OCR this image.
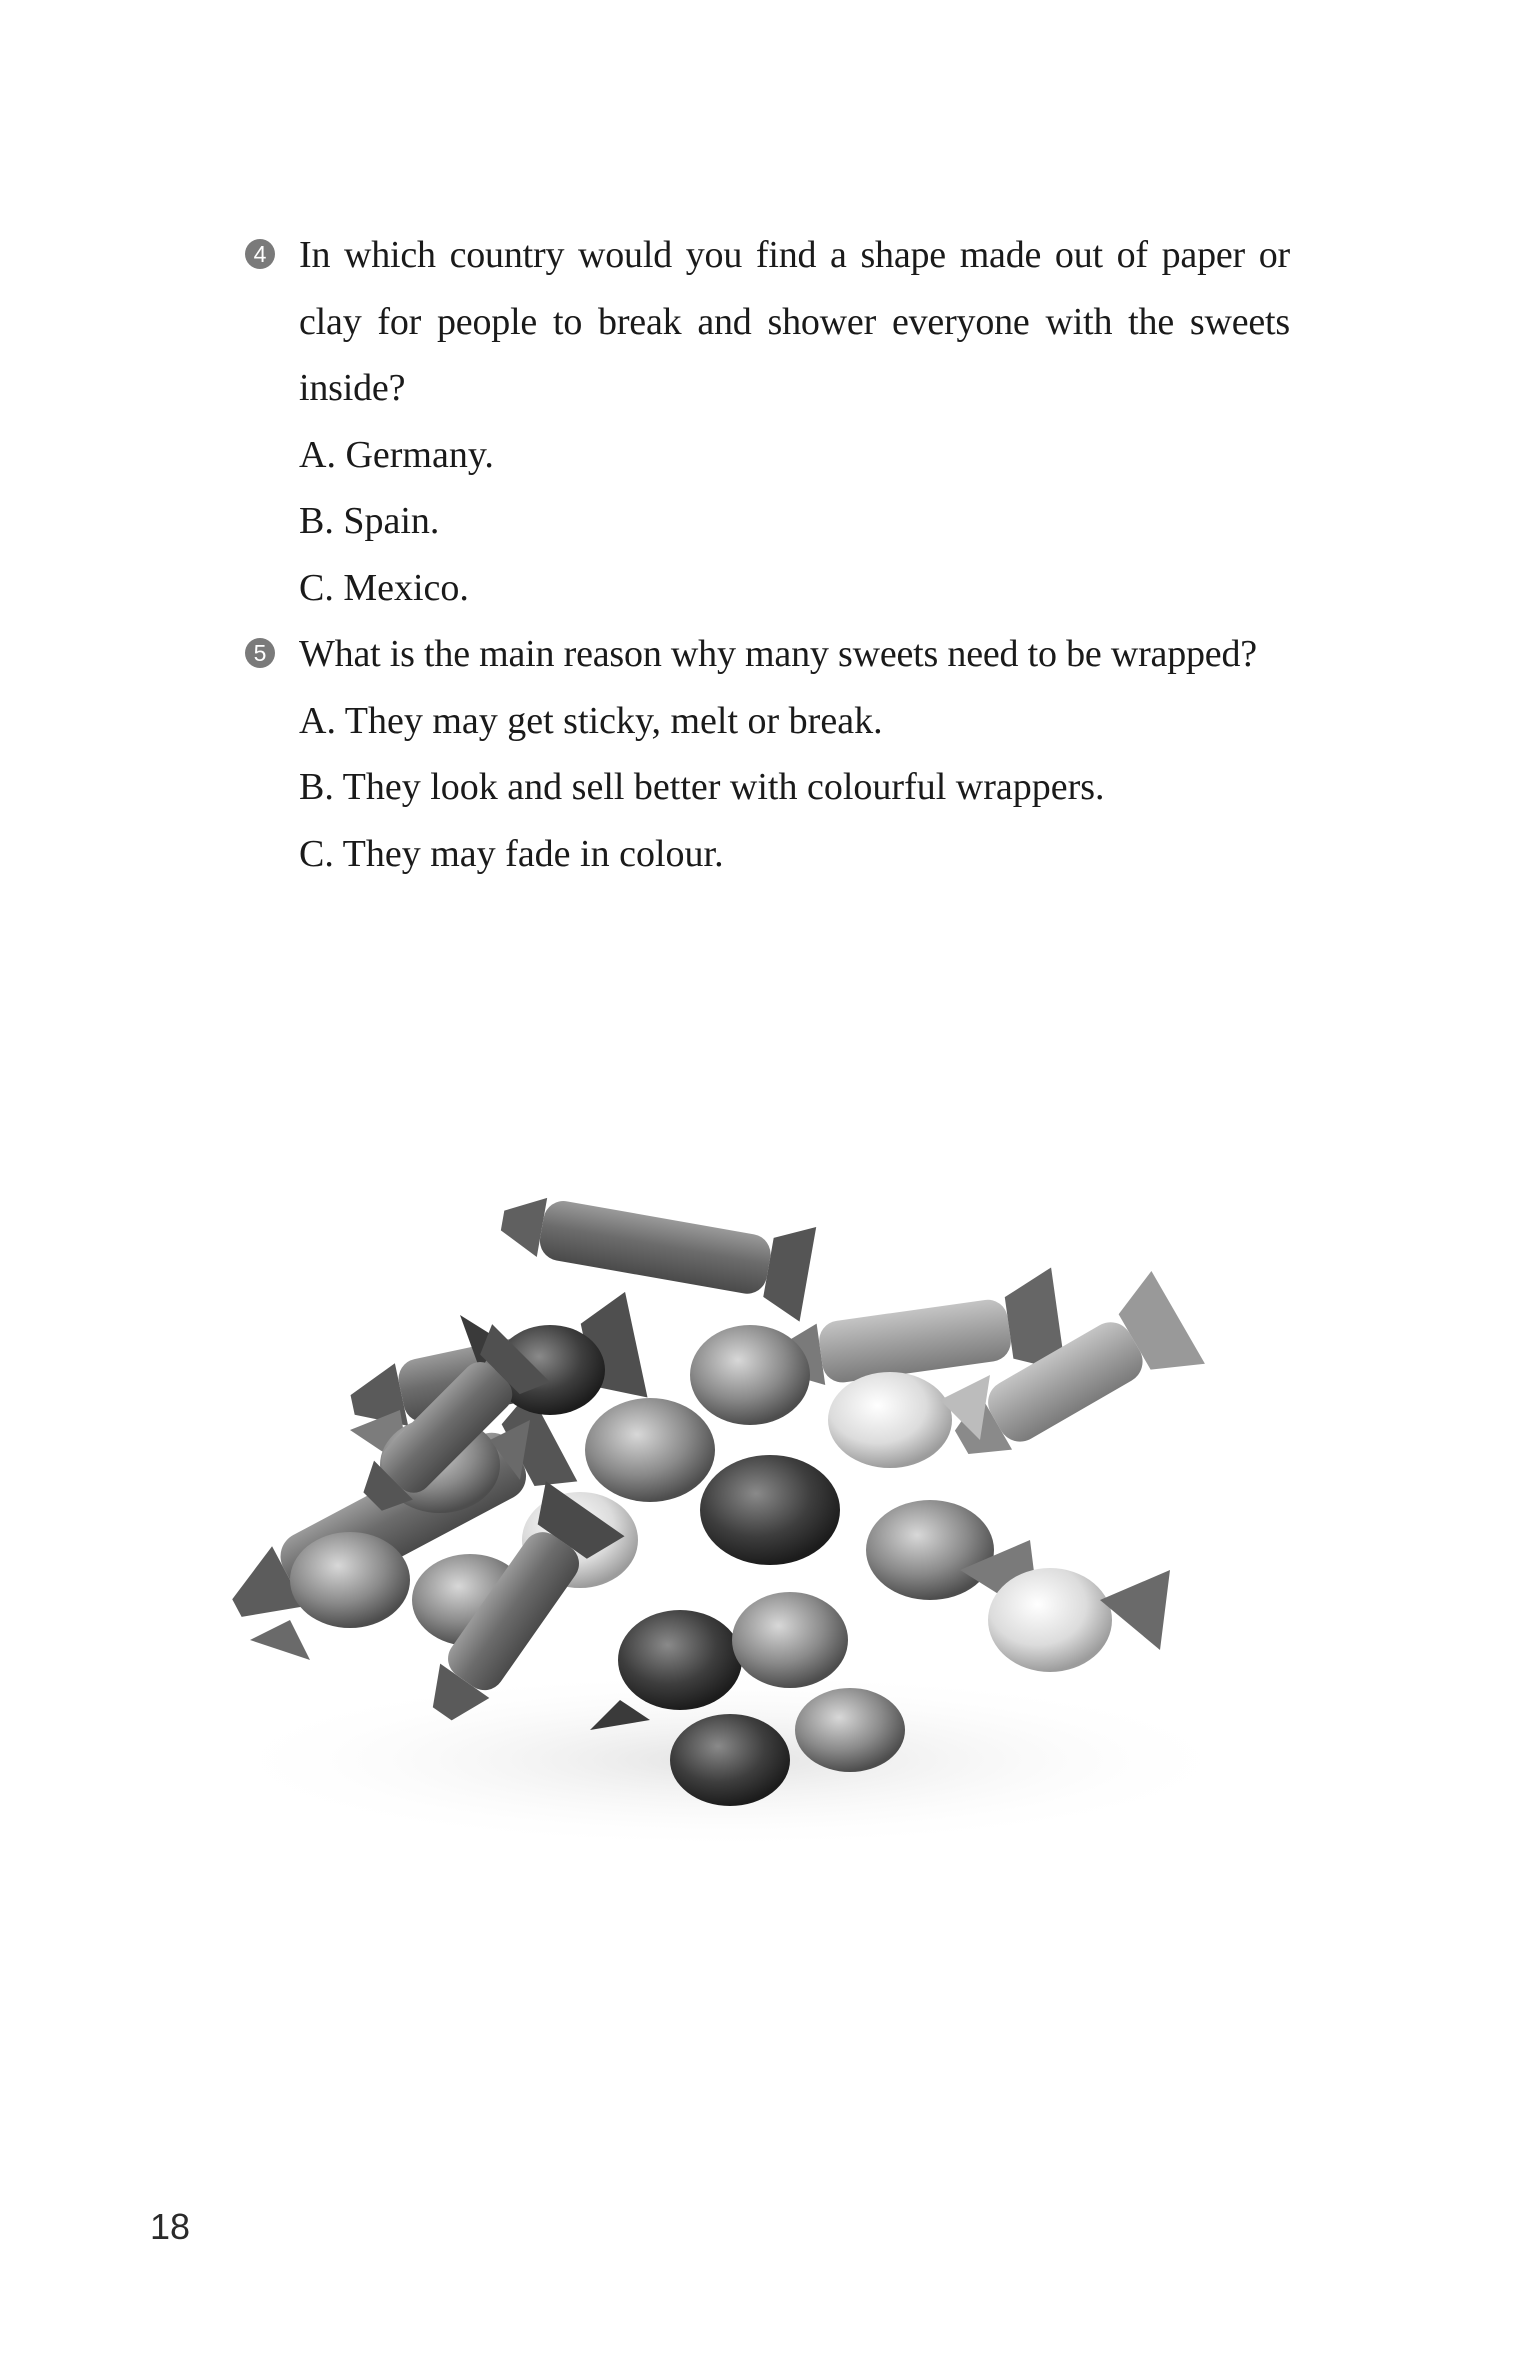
4 In which country would you find a shape made out of paper or clay for people to break and shower everyone with the sweets inside?
A. Germany.
B. Spain.
C. Mexico.
5 What is the main reason why many sweets need to be wrapped?
A. They may get sticky, melt or break.
B. They look and sell better with colourful wrappers.
C. They may fade in colour.
18
